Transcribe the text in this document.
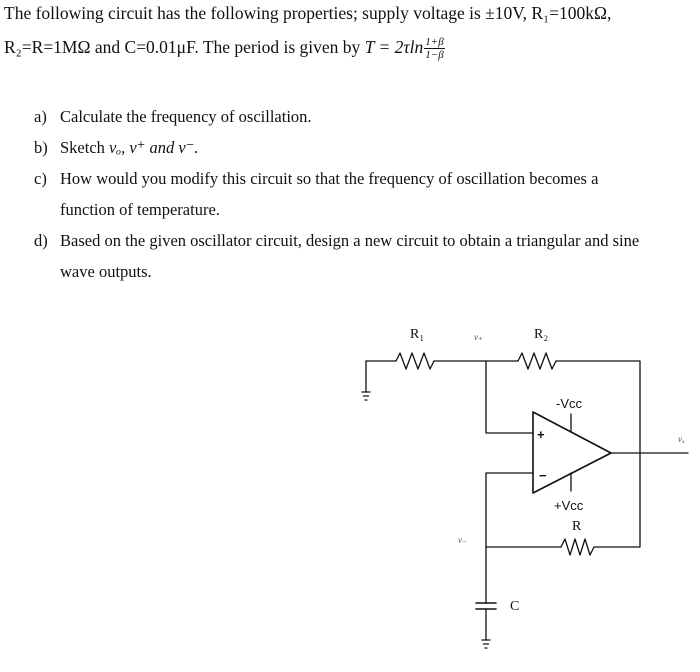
The following circuit has the following properties; supply voltage is ±10V, R₁=100kΩ,
R₂=R=1MΩ and C=0.01μF. The period is given by $T = 2\tau\ln \frac{1+\beta}{1-\beta}$
a) Calculate the frequency of oscillation.
b) Sketch vₒ, v⁺ and v⁻.
c) How would you modify this circuit so that the frequency of oscillation becomes a
function of temperature.
d) Based on the given oscillator circuit, design a new circuit to obtain a triangular and sine
wave outputs.
R₁	R₂
v₊
-Vcc
+Vcc
+
−
R
C
v₋
vₒ
